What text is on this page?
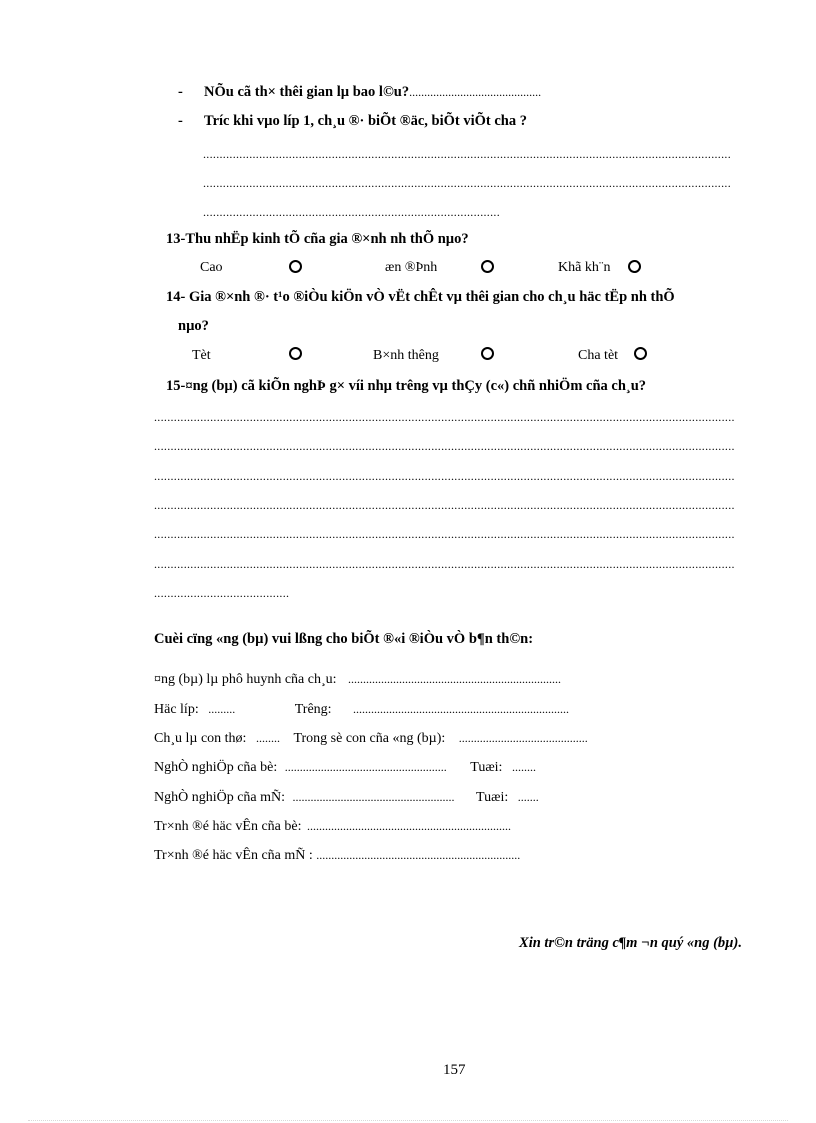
- NÕu cã th× thêi gian lµ bao l©u?............................................
- Tríc khi vµo líp 1, ch¸u ®· biÕt ®äc, biÕt viÕt cha ?
................................................................................................................................................................
................................................................................................................................................................
..........................................................................................
13-Thu nhËp kinh tÕ cña gia ®×nh nh thÕ nµo?
Cao	æn ®Þnh	Khã kh¨n
14- Gia ®×nh ®· t¹o ®iÒu kiÖn vÒ vËt chÊt vµ thêi gian cho ch¸u häc tËp nh thÕ
nµo?
Tèt	B×nh thêng	Cha tèt
15-¤ng (bµ) cã kiÕn nghÞ g× víi nhµ trêng vµ thÇy (c«) chñ nhiÖm cña ch¸u?
................................................................................................................................................................................
................................................................................................................................................................................
................................................................................................................................................................................
................................................................................................................................................................................
................................................................................................................................................................................
................................................................................................................................................................................
.........................................
Cuèi cïng «ng (bµ) vui lßng cho biÕt ®«i ®iÒu vÒ b¶n th©n:
¤ng (bµ) lµ phô huynh cña ch¸u: .......................................................................
Häc líp: .........	Trêng: ........................................................................
Ch¸u lµ con thø: ........ Trong sè con cña «ng (bµ): ...........................................
NghÒ nghiÖp cña bè: ...................................................... Tuæi: ........
NghÒ nghiÖp cña mÑ: ...................................................... Tuæi: .......
Tr×nh ®é häc vÊn cña bè: ....................................................................
Tr×nh ®é häc vÊn cña mÑ : ....................................................................
Xin tr©n träng c¶m ¬n quý «ng (bµ).
157
